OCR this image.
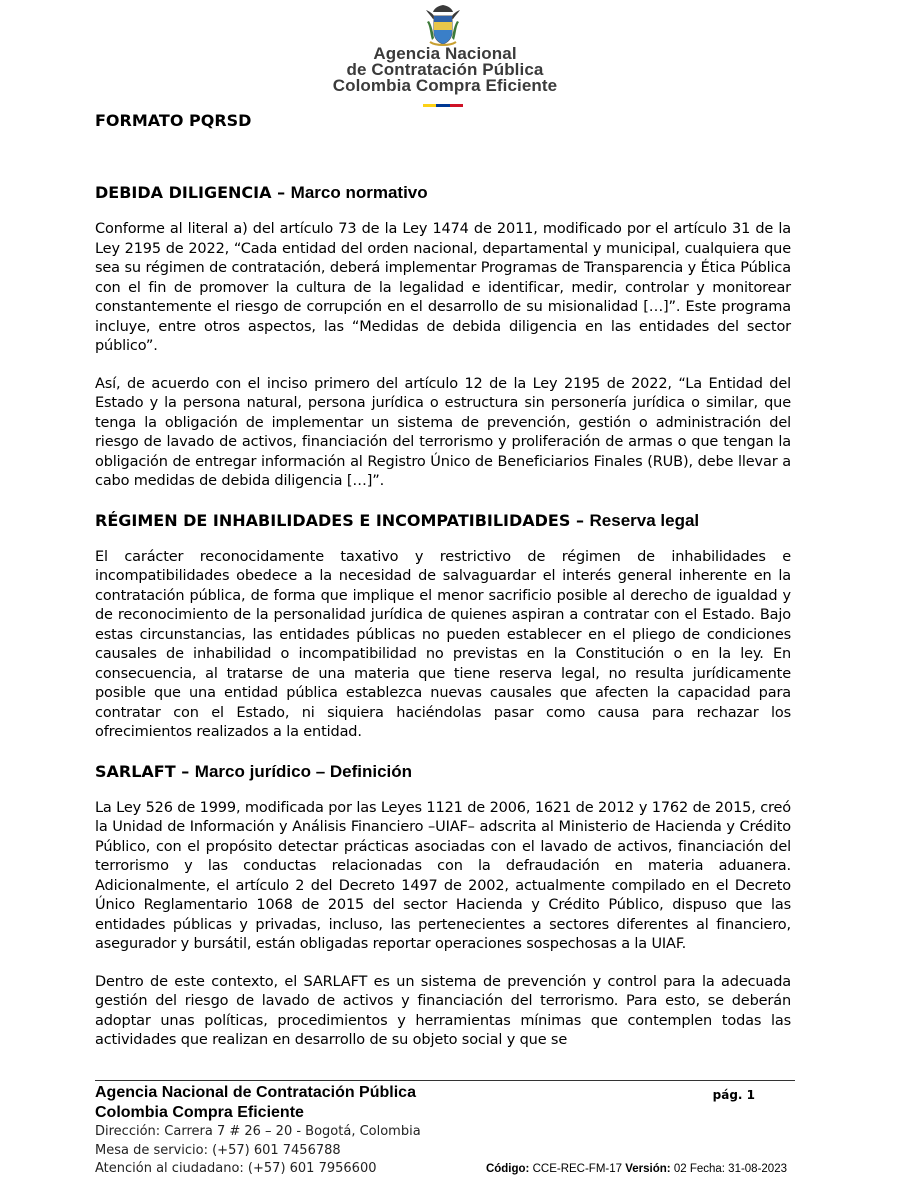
Agencia Nacional
de Contratación Pública
Colombia Compra Eficiente
FORMATO PQRSD
DEBIDA DILIGENCIA – Marco normativo

Conforme al literal a) del artículo 73 de la Ley 1474 de 2011, modificado por el artículo 31 de la Ley 2195 de 2022, “Cada entidad del orden nacional, departamental y municipal, cualquiera que sea su régimen de contratación, deberá implementar Programas de Transparencia y Ética Pública con el fin de promover la cultura de la legalidad e identificar, medir, controlar y monitorear constantemente el riesgo de corrupción en el desarrollo de su misionalidad […]”. Este programa incluye, entre otros aspectos, las “Medidas de debida diligencia en las entidades del sector público”.

Así, de acuerdo con el inciso primero del artículo 12 de la Ley 2195 de 2022, “La Entidad del Estado y la persona natural, persona jurídica o estructura sin personería jurídica o similar, que tenga la obligación de implementar un sistema de prevención, gestión o administración del riesgo de lavado de activos, financiación del terrorismo y proliferación de armas o que tengan la obligación de entregar información al Registro Único de Beneficiarios Finales (RUB), debe llevar a cabo medidas de debida diligencia […]”.

RÉGIMEN DE INHABILIDADES E INCOMPATIBILIDADES – Reserva legal

El carácter reconocidamente taxativo y restrictivo de régimen de inhabilidades e incompatibilidades obedece a la necesidad de salvaguardar el interés general inherente en la contratación pública, de forma que implique el menor sacrificio posible al derecho de igualdad y de reconocimiento de la personalidad jurídica de quienes aspiran a contratar con el Estado. Bajo estas circunstancias, las entidades públicas no pueden establecer en el pliego de condiciones causales de inhabilidad o incompatibilidad no previstas en la Constitución o en la ley. En consecuencia, al tratarse de una materia que tiene reserva legal, no resulta jurídicamente posible que una entidad pública establezca nuevas causales que afecten la capacidad para contratar con el Estado, ni siquiera haciéndolas pasar como causa para rechazar los ofrecimientos realizados a la entidad.

SARLAFT – Marco jurídico – Definición

La Ley 526 de 1999, modificada por las Leyes 1121 de 2006, 1621 de 2012 y 1762 de 2015, creó la Unidad de Información y Análisis Financiero –UIAF– adscrita al Ministerio de Hacienda y Crédito Público, con el propósito detectar prácticas asociadas con el lavado de activos, financiación del terrorismo y las conductas relacionadas con la defraudación en materia aduanera. Adicionalmente, el artículo 2 del Decreto 1497 de 2002, actualmente compilado en el Decreto Único Reglamentario 1068 de 2015 del sector Hacienda y Crédito Público, dispuso que las entidades públicas y privadas, incluso, las pertenecientes a sectores diferentes al financiero, asegurador y bursátil, están obligadas reportar operaciones sospechosas a la UIAF.

Dentro de este contexto, el SARLAFT es un sistema de prevención y control para la adecuada gestión del riesgo de lavado de activos y financiación del terrorismo. Para esto, se deberán adoptar unas políticas, procedimientos y herramientas mínimas que contemplen todas las actividades que realizan en desarrollo de su objeto social y que se

Agencia Nacional de Contratación Pública
Colombia Compra Eficiente
Dirección: Carrera 7 # 26 – 20 - Bogotá, Colombia
Mesa de servicio: (+57) 601 7456788
Atención al ciudadano: (+57) 601 7956600
pág. 1
Código: CCE-REC-FM-17 Versión: 02 Fecha: 31-08-2023
